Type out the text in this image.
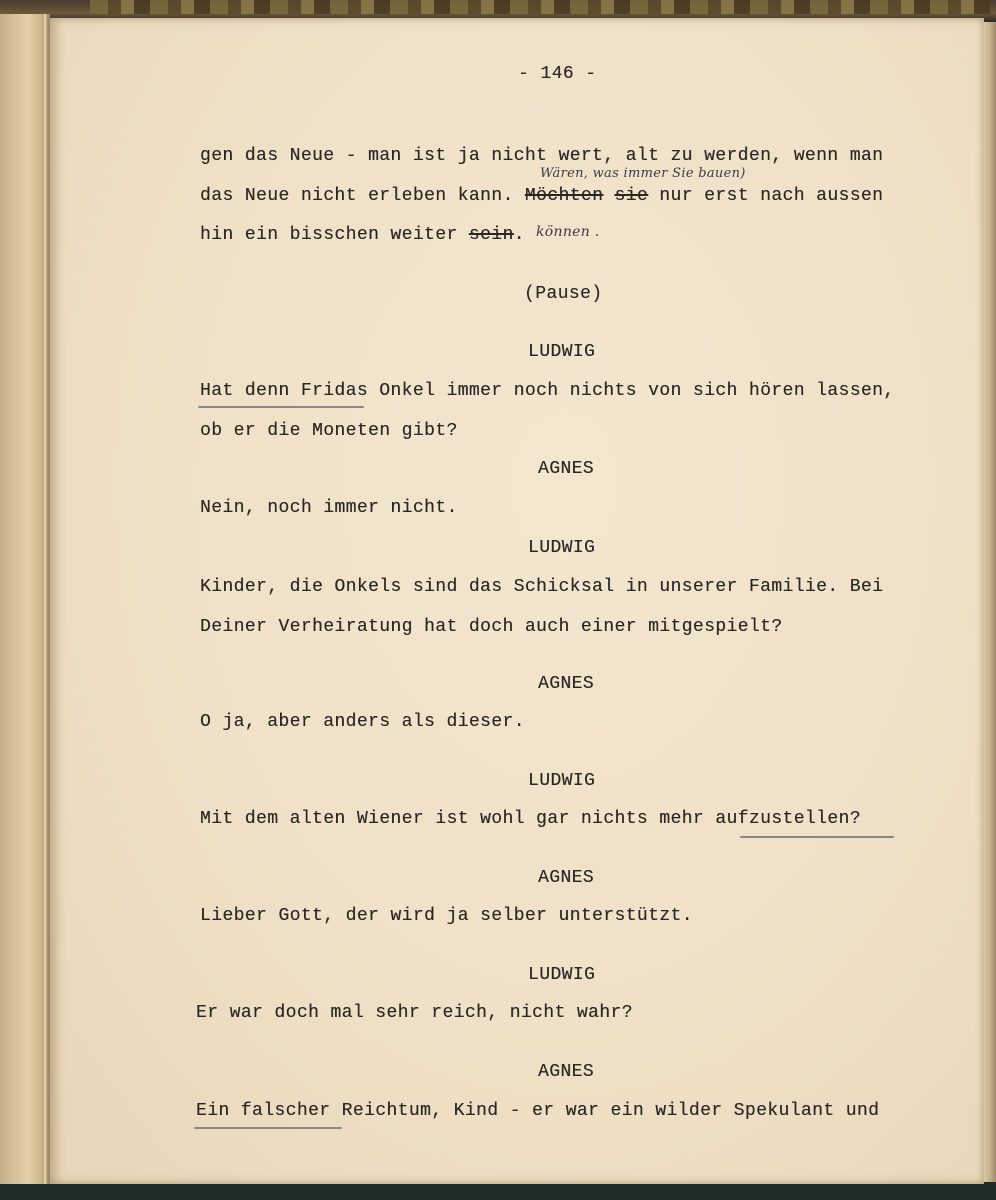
- 146 -
Wären, was immer Sie bauen)
gen das Neue - man ist ja nicht wert, alt zu werden, wenn man
das Neue nicht erleben kann. Möchten sie nur erst nach aussen
hin ein bisschen weiter sein. können .
(Pause)
LUDWIG
Hat denn Fridas Onkel immer noch nichts von sich hören lassen,
ob er die Moneten gibt?
AGNES
Nein, noch immer nicht.
LUDWIG
Kinder, die Onkels sind das Schicksal in unserer Familie. Bei
Deiner Verheiratung hat doch auch einer mitgespielt?
AGNES
O ja, aber anders als dieser.
LUDWIG
Mit dem alten Wiener ist wohl gar nichts mehr aufzustellen?
AGNES
Lieber Gott, der wird ja selber unterstützt.
LUDWIG
Er war doch mal sehr reich, nicht wahr?
AGNES
Ein falscher Reichtum, Kind - er war ein wilder Spekulant und
